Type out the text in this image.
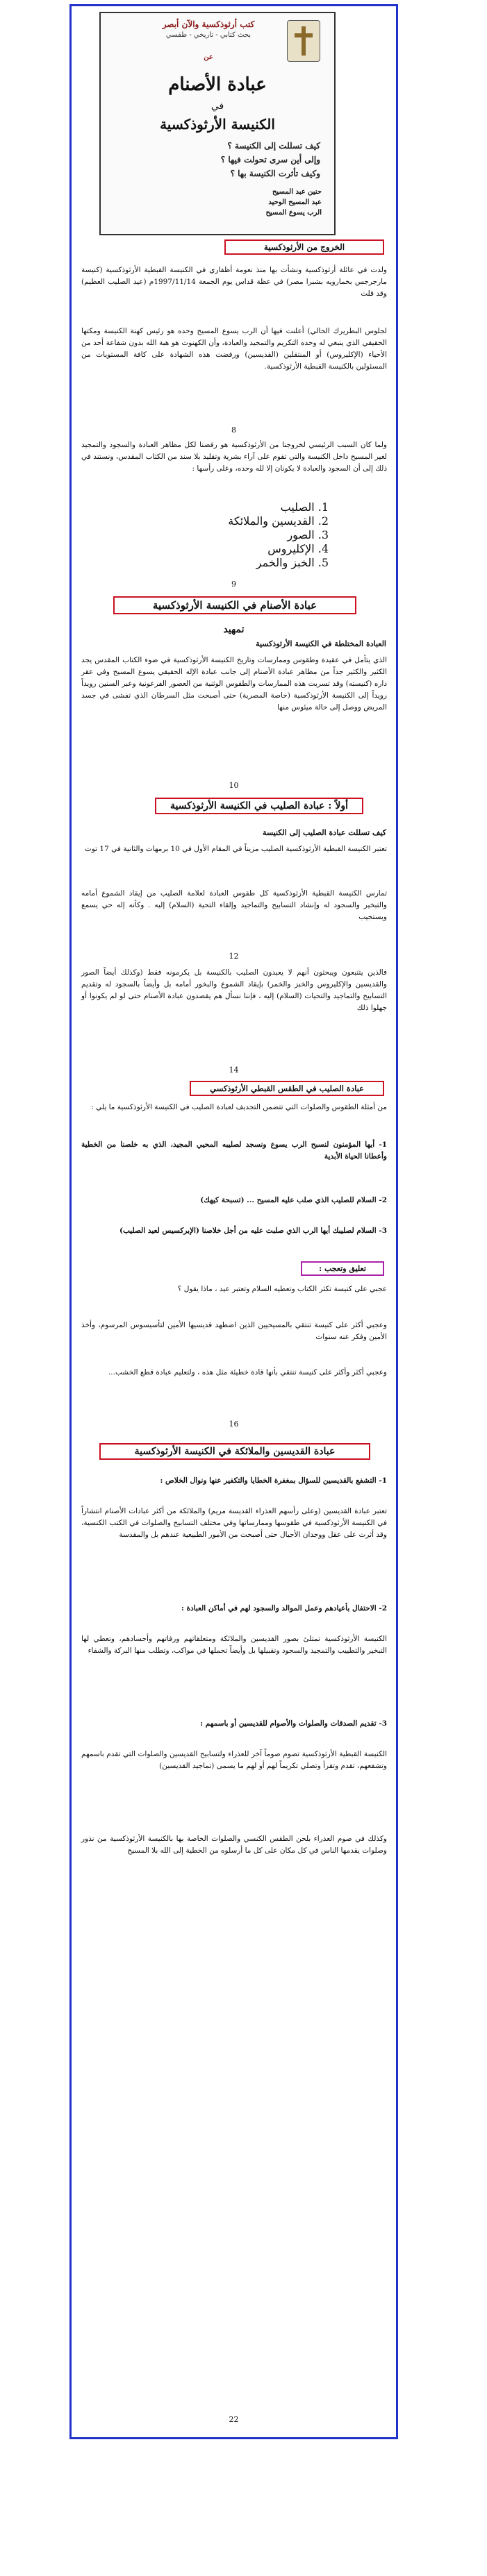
كتب أرثوذكسية والآن أبصر
بحث كتابي - تاريخي - طقسي
عن
عبادة الأصنام
في
الكنيسة الأرثوذكسية
كيف تسللت إلى الكنيسة ؟
وإلى أين سرى تحولت فيها ؟
وكيف تأثرت الكنيسة بها ؟
حنين عبد المسيح
عبد المسيح الوحيد
الرب يسوع المسيح
الخروج من الأرثوذكسية
ولدت في عائلة أرثوذكسية ونشأت بها منذ نعومة أظفاري في الكنيسة القبطية الأرثوذكسية (كنيسة مارجرجس بخمارويه بشبرا مصر) في عظة قداس يوم الجمعة 1997/11/14م (عيد الصليب العظيم) وقد قلت
لجلوس البطريرك الحالي) أعلنت فيها أن الرب يسوع المسيح وحده هو رئيس كهنة الكنيسة ومكتها الحقيقي الذي ينبغي له وحده التكريم والتمجيد والعبادة، وأن الكهنوت هو هبة الله بدون شفاعة أحد من الأحياء (الإكليروس) أو المنتقلين (القديسين) ورفضت هذه الشهادة على كافة المستويات من المسئولين بالكنيسة القبطية الأرثوذكسية.
8
ولما كان السبب الرئيسي لخروجنا من الأرثوذكسية هو رفضنا لكل مظاهر العبادة والسجود والتمجيد لغير المسيح داخل الكنيسة والتي تقوم على آراء بشرية وتقليد بلا سند من الكتاب المقدس، ونستند في ذلك إلى أن السجود والعبادة لا يكونان إلا لله وحده، وعلى رأسها :
1. الصليب
2. القديسين والملائكة
3. الصور
4. الإكليروس
5. الخبز والخمر
9
عبادة الأصنام في الكنيسة الأرثوذكسية
تمهيد
العبادة المختلطة في الكنيسة الأرثوذكسية
الذي يتأمل في عقيدة وطقوس وممارسات وتاريخ الكنيسة الأرثوذكسية في ضوء الكتاب المقدس يجد الكثير والكثير جداً من مظاهر عبادة الأصنام إلى جانب عبادة الإله الحقيقي يسوع المسيح وفي عقر داره (كنيسته) وقد تسربت هذه الممارسات والطقوس الوثنية من العصور الفرعونية وعبر السنين رويداً رويداً إلى الكنيسة الأرثوذكسية (خاصة المصرية) حتى أصبحت مثل السرطان الذي تفشى في جسد المريض ووصل إلى حالة ميئوس منها
10
أولاً : عبادة الصليب في الكنيسة الأرثوذكسية
كيف تسللت عبادة الصليب إلى الكنيسة
تعتبر الكنيسة القبطية الأرثوذكسية الصليب مزيناً في المقام الأول في 10 برمهات والثانية في 17 توت
تمارس الكنيسة القبطية الأرثوذكسية كل طقوس العبادة لعلامة الصليب من إيقاد الشموع أمامه والتبخير والسجود له وإنشاد التسابيح والتماجيد وإلقاء التحية (السلام) إليه . وكأنه إله حي يسمع ويستجيب
12
فالذين يتتبعون ويبحثون أنهم لا يعبدون الصليب بالكنيسة بل يكرمونه فقط (وكذلك أيضاً الصور والقديسين والإكليروس والخبز والخمر) بإيقاد الشموع والبخور أمامه بل وأيضاً بالسجود له وتقديم التسابيح والتماجيد والتحيات (السلام) إليه ، فإننا نسأل هم يقصدون عبادة الأصنام حتى لو لم يكونوا أو جهلوا ذلك
14
عبادة الصليب في الطقس القبطي الأرثوذكسي
من أمثلة الطقوس والصلوات التي تتضمن التجديف لعبادة الصليب في الكنيسة الأرثوذكسية ما يلي :
1- أيها المؤمنون لنسبح الرب يسوع ونسجد لصليبه المحيي المجيد، الذي به خلصنا من الخطية وأعطانا الحياة الأبدية
2- السلام للصليب الذي صلب عليه المسيح ... (تسبحة كيهك)
3- السلام لصليبك أيها الرب الذي صلبت عليه من أجل خلاصنا (الإبركسيس لعيد الصليب)
تعليق وتعجب :
عجبي على كنيسة تكثر الكتاب وتعطيه السلام وتعتبر عيد ، ماذا يقول ؟
وعجبي أكثر على كنيسة تنتقي بالمسيحيين الذين اضطهد قديسيها الأمين لتأسيسوس المرسوم، وأخذ الأمين وفكر عنه سنوات
وعجبي أكثر وأكثر على كنيسة تنتقي بأنها قادة خطيئة مثل هذه ، ولتعليم عبادة قطع الخشب...
16
عبادة القديسين والملائكة في الكنيسة الأرثوذكسية
1- التشفع بالقديسين للسؤال بمغفرة الخطايا والتكفير عنها ونوال الخلاص :
تعتبر عبادة القديسين (وعلى رأسهم العذراء القديسة مريم) والملائكة من أكثر عبادات الأصنام انتشاراً في الكنيسة الأرثوذكسية في طقوسها وممارساتها وفي مختلف التسابيح والصلوات في الكتب الكنسية، وقد أثرت على عقل ووجدان الأجيال حتى أصبحت من الأمور الطبيعية عندهم بل والمقدسة
2- الاحتفال بأعيادهم وعمل الموالد والسجود لهم في أماكن العبادة :
الكنيسة الأرثوذكسية تمتلئ بصور القديسين والملائكة ومتعلقاتهم ورفاتهم وأجسادهم، وتعطي لها التبخير والتطييب والتمجيد والسجود وتقبيلها بل وأيضاً تحملها في مواكب، وتطلب منها البركة والشفاء
3- تقديم الصدقات والصلوات والأصوام للقديسين أو باسمهم :
الكنيسة القبطية الأرثوذكسية تصوم صوماً آخر للعذراء ولتسابيح القديسين والصلوات التي تقدم باسمهم وتشفعهم، تقدم وتقرأ وتصلي تكريماً لهم أو لهم ما يسمى (تماجيد القديسين)
وكذلك في صوم العذراء بلحن الطقس الكنسي والصلوات الخاصة بها بالكنيسة الأرثوذكسية من نذور وصلوات يقدمها الناس في كل مكان على كل ما أرسلوه من الخطية إلى الله بلا المسيح
22
